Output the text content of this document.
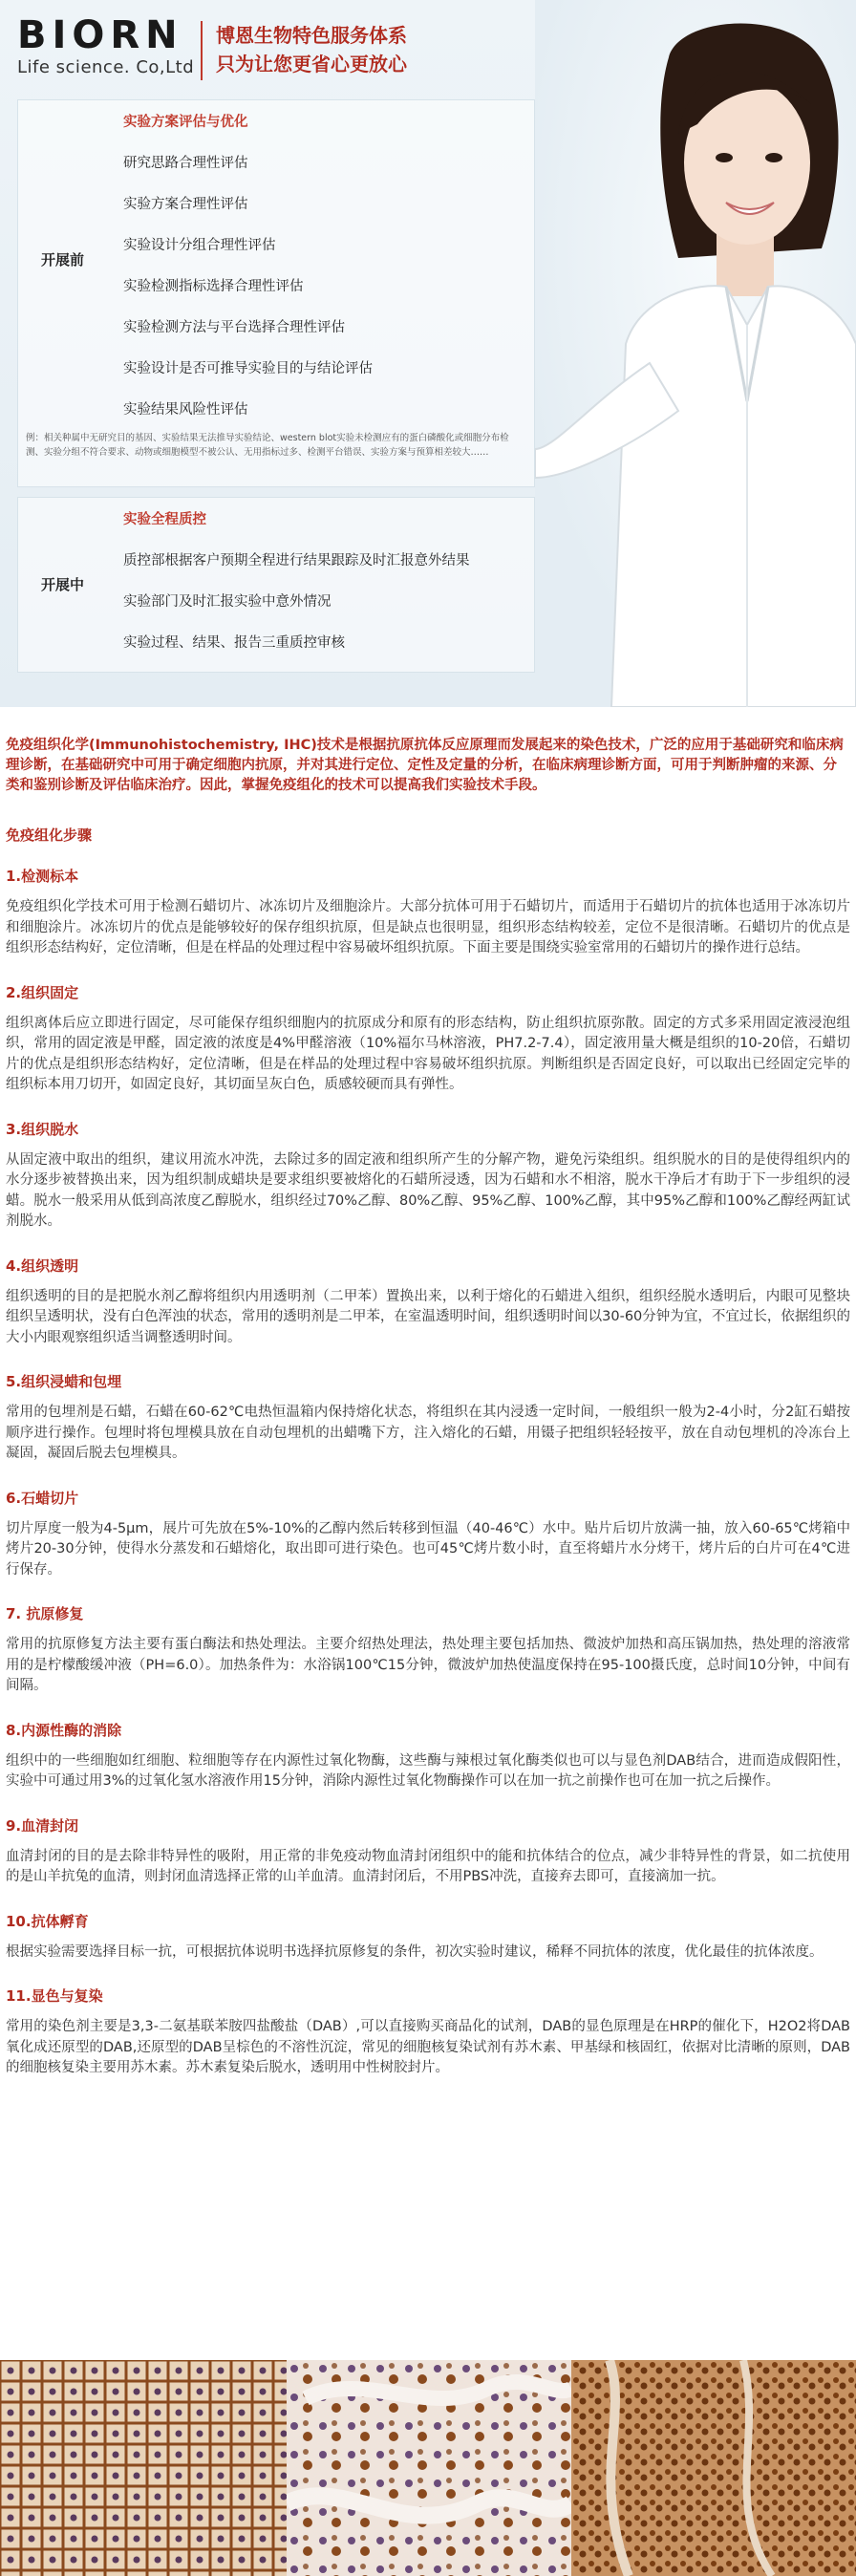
BIORN
Life science. Co,Ltd
博恩生物特色服务体系
只为让您更省心更放心
开展前
实验方案评估与优化
研究思路合理性评估
实验方案合理性评估
实验设计分组合理性评估
实验检测指标选择合理性评估
实验检测方法与平台选择合理性评估
实验设计是否可推导实验目的与结论评估
实验结果风险性评估
例：相关种属中无研究目的基因、实验结果无法推导实验结论、western blot实验未检测应有的蛋白磷酸化或细胞分布检测、实验分组不符合要求、动物或细胞模型不被公认、无用指标过多、检测平台错误、实验方案与预算相差较大……
开展中
实验全程质控
质控部根据客户预期全程进行结果跟踪及时汇报意外结果
实验部门及时汇报实验中意外情况
实验过程、结果、报告三重质控审核

免疫组织化学(Immunohistochemistry, IHC)技术是根据抗原抗体反应原理而发展起来的染色技术，广泛的应用于基础研究和临床病理诊断，在基础研究中可用于确定细胞内抗原，并对其进行定位、定性及定量的分析，在临床病理诊断方面，可用于判断肿瘤的来源、分类和鉴别诊断及评估临床治疗。因此，掌握免疫组化的技术可以提高我们实验技术手段。

免疫组化步骤
1.检测标本

免疫组织化学技术可用于检测石蜡切片、冰冻切片及细胞涂片。大部分抗体可用于石蜡切片，而适用于石蜡切片的抗体也适用于冰冻切片和细胞涂片。冰冻切片的优点是能够较好的保存组织抗原，但是缺点也很明显，组织形态结构较差，定位不是很清晰。石蜡切片的优点是组织形态结构好，定位清晰，但是在样品的处理过程中容易破坏组织抗原。下面主要是围绕实验室常用的石蜡切片的操作进行总结。

2.组织固定

组织离体后应立即进行固定，尽可能保存组织细胞内的抗原成分和原有的形态结构，防止组织抗原弥散。固定的方式多采用固定液浸泡组织，常用的固定液是甲醛，固定液的浓度是4%甲醛溶液（10%福尔马林溶液，PH7.2-7.4），固定液用量大概是组织的10-20倍，石蜡切片的优点是组织形态结构好，定位清晰，但是在样品的处理过程中容易破坏组织抗原。判断组织是否固定良好，可以取出已经固定完毕的组织标本用刀切开，如固定良好，其切面呈灰白色，质感较硬而具有弹性。

3.组织脱水

从固定液中取出的组织，建议用流水冲洗，去除过多的固定液和组织所产生的分解产物，避免污染组织。组织脱水的目的是使得组织内的水分逐步被替换出来，因为组织制成蜡块是要求组织要被熔化的石蜡所浸透，因为石蜡和水不相溶，脱水干净后才有助于下一步组织的浸蜡。脱水一般采用从低到高浓度乙醇脱水，组织经过70%乙醇、80%乙醇、95%乙醇、100%乙醇，其中95%乙醇和100%乙醇经两缸试剂脱水。

4.组织透明

组织透明的目的是把脱水剂乙醇将组织内用透明剂（二甲苯）置换出来，以利于熔化的石蜡进入组织，组织经脱水透明后，内眼可见整块组织呈透明状，没有白色浑浊的状态，常用的透明剂是二甲苯，在室温透明时间，组织透明时间以30-60分钟为宜，不宜过长，依据组织的大小内眼观察组织适当调整透明时间。

5.组织浸蜡和包埋

常用的包埋剂是石蜡，石蜡在60-62℃电热恒温箱内保持熔化状态，将组织在其内浸透一定时间，一般组织一般为2-4小时，分2缸石蜡按顺序进行操作。包埋时将包埋模具放在自动包埋机的出蜡嘴下方，注入熔化的石蜡，用镊子把组织轻轻按平，放在自动包埋机的冷冻台上凝固，凝固后脱去包埋模具。

6.石蜡切片

切片厚度一般为4-5μm，展片可先放在5%-10%的乙醇内然后转移到恒温（40-46℃）水中。贴片后切片放满一抽，放入60-65℃烤箱中烤片20-30分钟，使得水分蒸发和石蜡熔化，取出即可进行染色。也可45℃烤片数小时，直至将蜡片水分烤干，烤片后的白片可在4℃进行保存。

7. 抗原修复

常用的抗原修复方法主要有蛋白酶法和热处理法。主要介绍热处理法，热处理主要包括加热、微波炉加热和高压锅加热，热处理的溶液常用的是柠檬酸缓冲液（PH=6.0）。加热条件为：水浴锅100℃15分钟，微波炉加热使温度保持在95-100摄氏度，总时间10分钟，中间有间隔。

8.内源性酶的消除

组织中的一些细胞如红细胞、粒细胞等存在内源性过氧化物酶，这些酶与辣根过氧化酶类似也可以与显色剂DAB结合，进而造成假阳性，实验中可通过用3%的过氧化氢水溶液作用15分钟，消除内源性过氧化物酶操作可以在加一抗之前操作也可在加一抗之后操作。

9.血清封闭

血清封闭的目的是去除非特异性的吸附，用正常的非免疫动物血清封闭组织中的能和抗体结合的位点，减少非特异性的背景，如二抗使用的是山羊抗兔的血清，则封闭血清选择正常的山羊血清。血清封闭后，不用PBS冲洗，直接弃去即可，直接滴加一抗。

10.抗体孵育

根据实验需要选择目标一抗，可根据抗体说明书选择抗原修复的条件，初次实验时建议，稀释不同抗体的浓度，优化最佳的抗体浓度。

11.显色与复染

常用的染色剂主要是3,3-二氨基联苯胺四盐酸盐（DAB）,可以直接购买商品化的试剂，DAB的显色原理是在HRP的催化下，H2O2将DAB氧化成还原型的DAB,还原型的DAB呈棕色的不溶性沉淀，常见的细胞核复染试剂有苏木素、甲基绿和核固红，依据对比清晰的原则，DAB的细胞核复染主要用苏木素。苏木素复染后脱水，透明用中性树胶封片。
